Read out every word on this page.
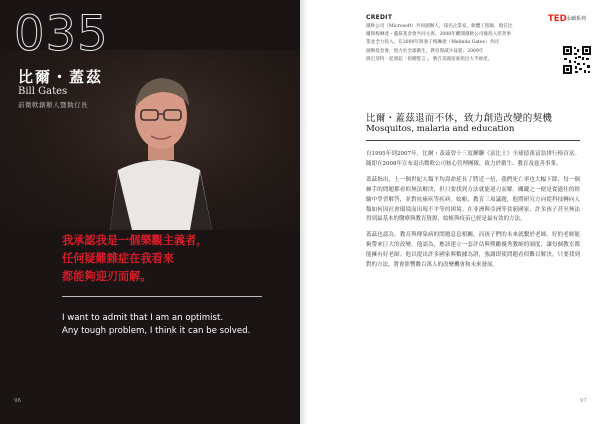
035
比爾・蓋茲
Bill Gates
前微軟創辦人暨執行長
我承認我是一個樂觀主義者，
任何疑難雜症在我看來
都能夠迎刃而解。
I want to admit that I am an optimist.
Any tough problem, I think it can be solved.
96
CREDIT
微軟公司（Microsoft）共同創辦人，知名企業家、軟體工程師，現任比
爾與梅琳達・蓋茲基金會共同主席。2008年離開微軟公司後投入慈善事
業並全力投入，在2000年與妻子梅琳達（Melinda Gates）共同
創辦基金會，致力於全球衛生、教育與減少貧窮；2009年
與巴菲特一起發起「捐贈誓言」，號召美國富豪捐出大半財產。
TED 永續系列
比爾・蓋茲退而不休，致力創造改變的契機
Mosquitos, malaria and education

自1995年到2007年，比爾・蓋茲曾十三度蟬聯《富比士》全球億萬富翁排行榜首富。隨即在2008年宣布退出微軟公司核心管理團隊，致力於衛生、教育及慈善事業。

蓋茲指出，上一個世紀人類平均壽命延長了將近一倍，我們死亡率也大幅下降，每一個棘手的問題都看似無法解決，但只要找到方法就能迎刃而解。關鍵之一便是從過往的經驗中學習解答，並對抗瘧疾等疾病。蚊帳、教育三項議題，他將研究方向從科技轉向人類如何因社會環境而出現不平等的困境。在非洲與亞洲等貧窮國家，許多孩子甚至無法得到最基本的醫療與教育資源，蚊帳與疫苗已經是最有效的方法。

蓋茲也認為，教育與傳染病的問題息息相關，而孩子們的未來就繫於老師。好的老師能夠帶來巨大的改變。他認為，應該建立一套評估與獎勵優秀教師的制度，讓每個教室都能擁有好老師。他以提出許多國家與數據為證，強調即使問題看似難以解決，只要找到對的方法，將會影響數百萬人的改變機會和未來發展。

97
